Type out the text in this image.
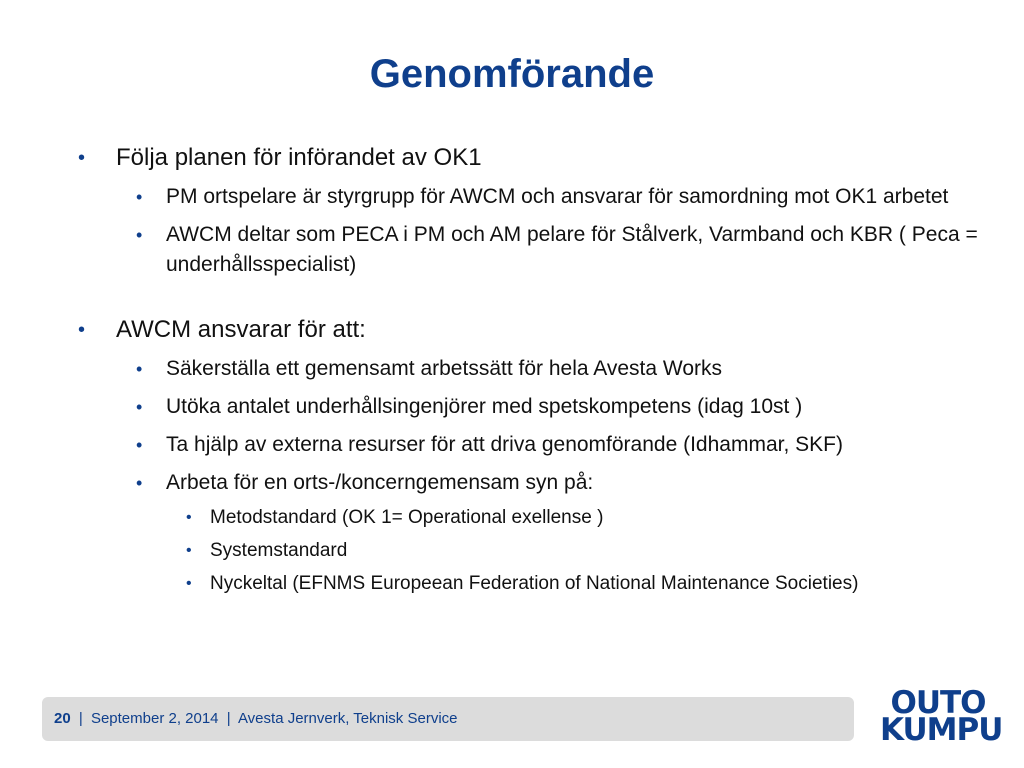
Genomförande
• Följa planen för införandet av OK1
• PM ortspelare är styrgrupp för AWCM och ansvarar för samordning mot OK1 arbetet
• AWCM deltar som PECA i PM och AM pelare för Stålverk, Varmband och KBR ( Peca = underhållsspecialist)
• AWCM ansvarar för att:
• Säkerställa ett gemensamt arbetssätt för hela Avesta Works
• Utöka antalet underhållsingenjörer med spetskompetens (idag 10st )
• Ta hjälp av externa resurser för att driva genomförande (Idhammar, SKF)
• Arbeta för en orts-/koncerngemensam syn på:
• Metodstandard (OK 1= Operational exellense )
• Systemstandard
• Nyckeltal (EFNMS Europeean Federation of National Maintenance Societies)
20 | September 2, 2014 | Avesta Jernverk, Teknisk Service	OUTO
KUMPU
